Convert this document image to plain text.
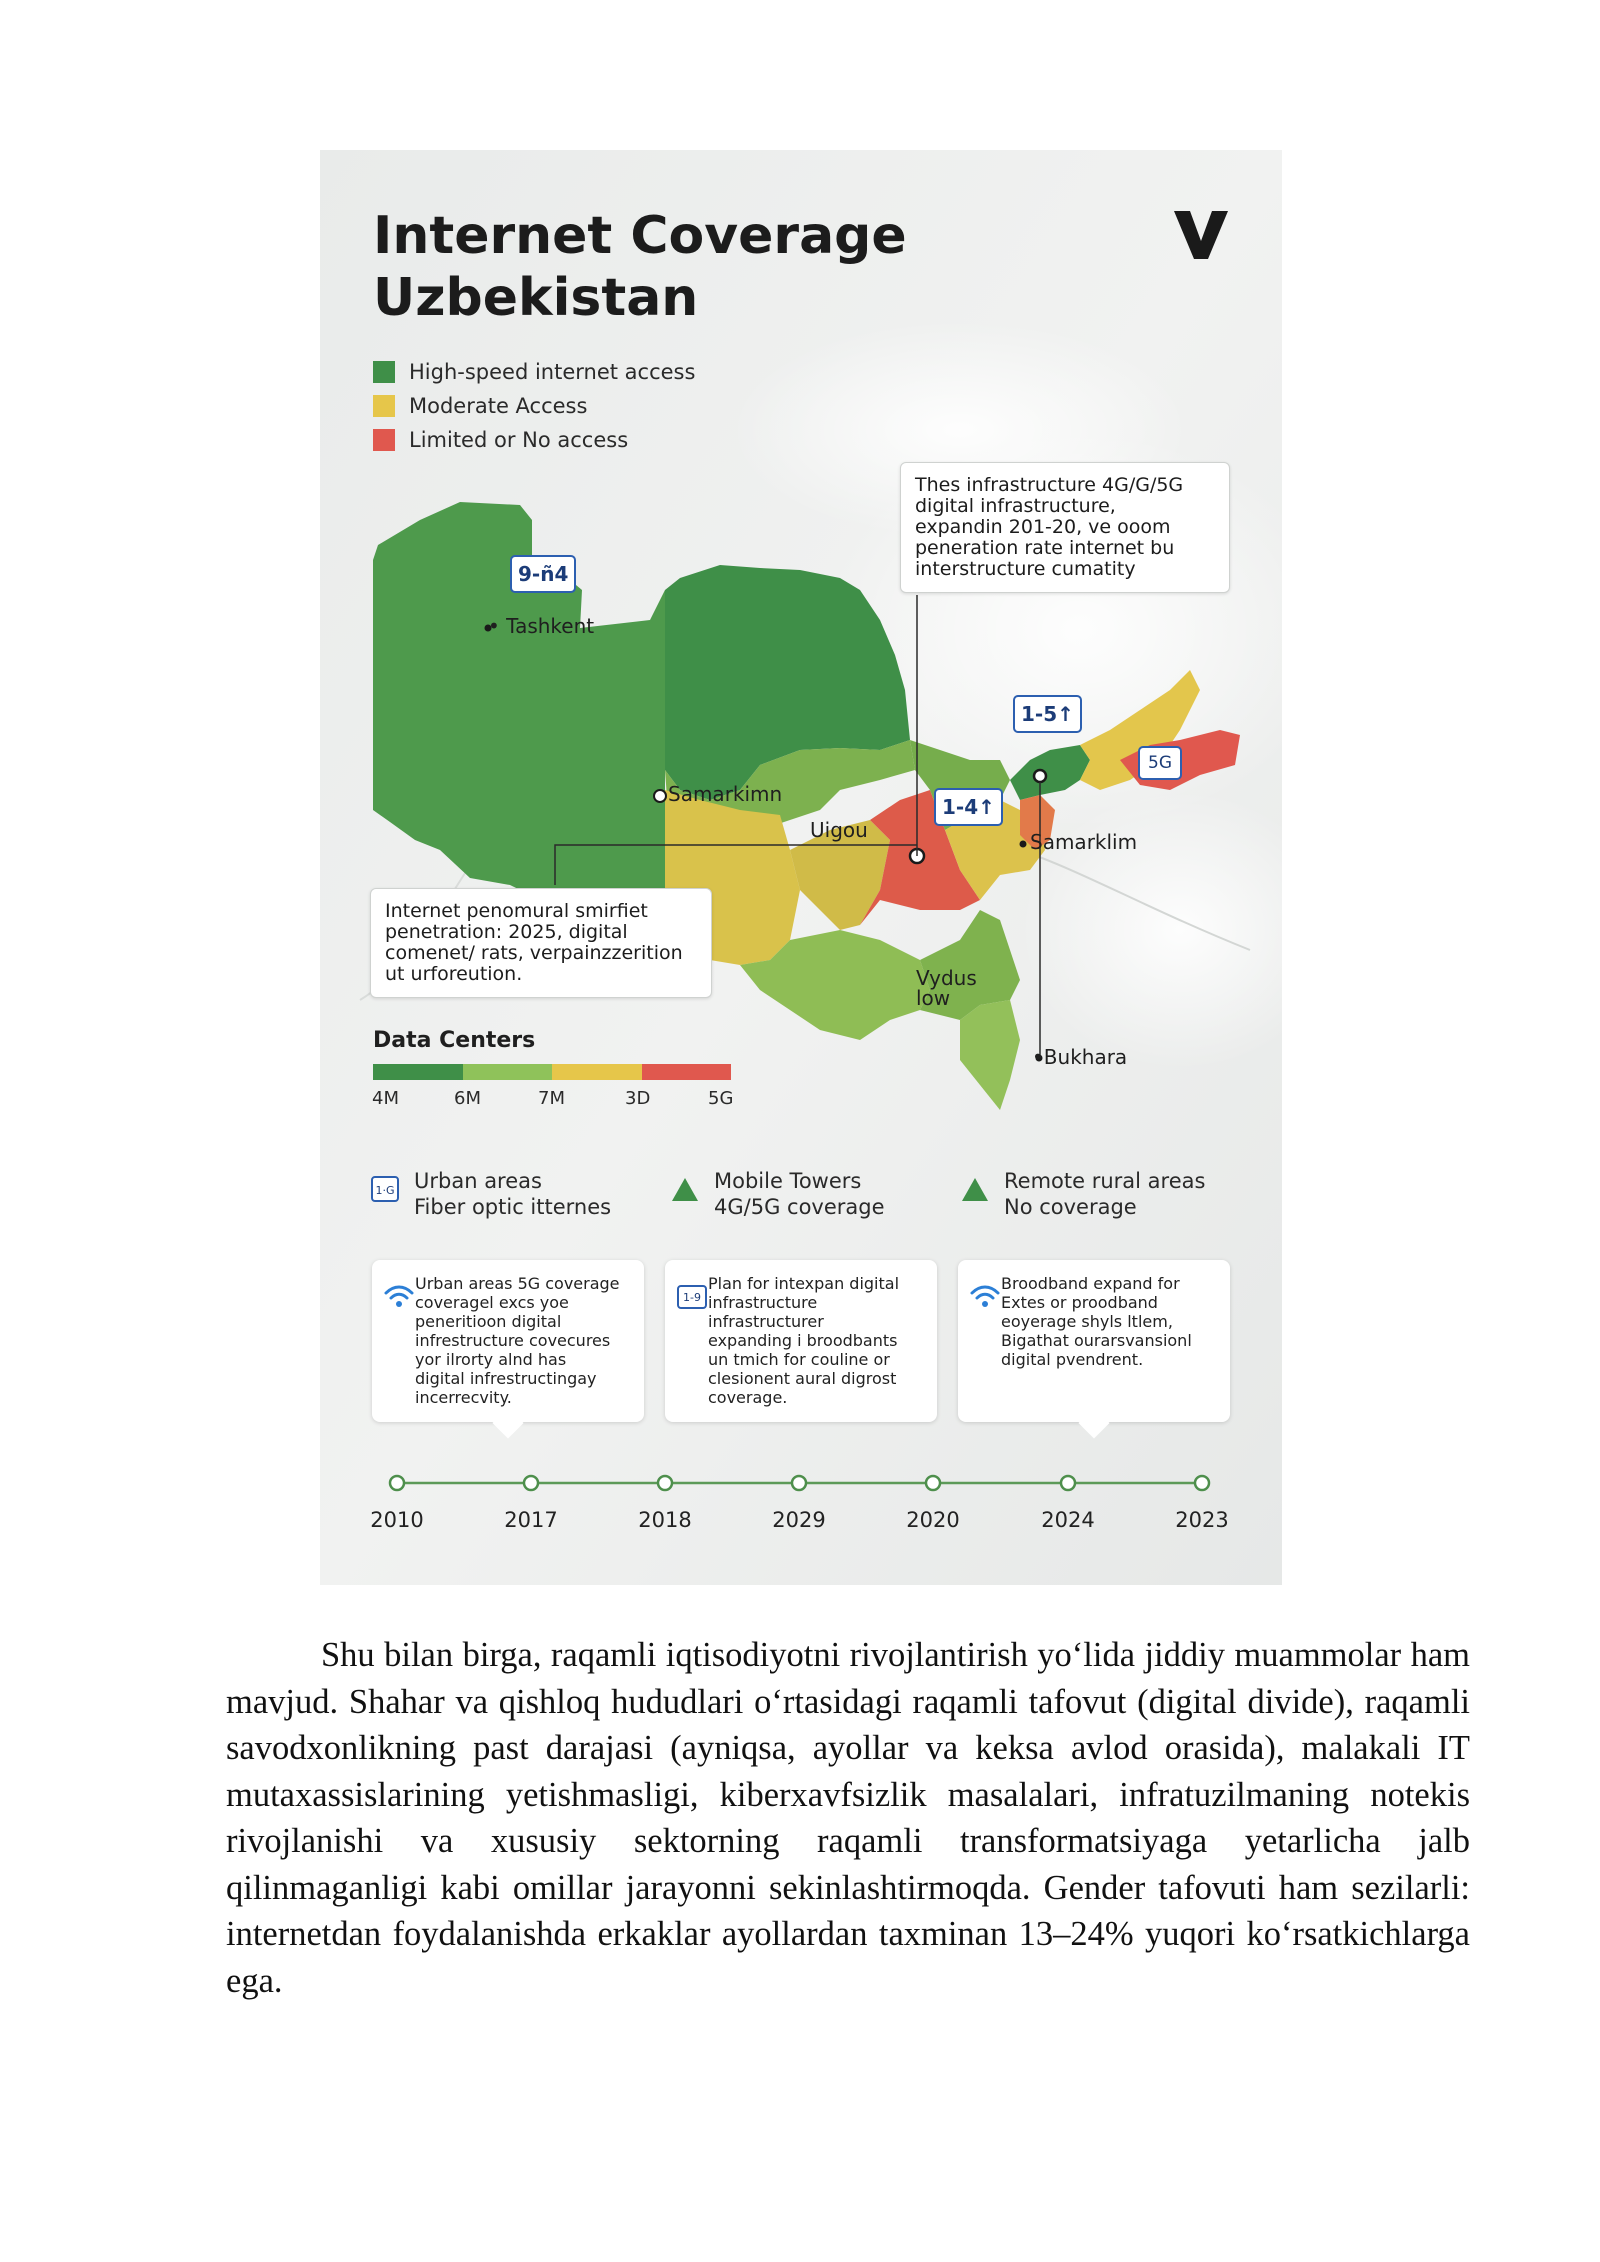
Internet Coverage
Uzbekistan
High-speed internet access
Moderate Access
Limited or No access
• Tashkent
Samarkimn
Uigou	Samarklim
Vydus
low
•Bukhara
9-ñ4
1-5↑
1-4↑
5G
Thes infrastructure 4G/G/5G
digital infrastructure,
expandin 201-20, ve ooom
peneration rate internet bu
interstructure cumatity
Internet penomural smirfiet
penetration: 2025, digital
comenet/ rats, verpainzzerition
ut urforeution.
Data Centers
4M	6M	7M	3D	5G
1·G Urban areas
Fiber optic itternes
Mobile Towers
4G/5G coverage
Remote rural areas
No coverage
Urban areas 5G coverage
coveragel excs yoe
peneritioon digital
infrestructure covecures
yor ilrorty alnd has
digital infrestructingay
incerrecvity.
1-9
Plan for intexpan digital
infrastructure
infrastructurer
expanding i broodbants
un tmich for couline or
clesionent aural digrost
coverage.
Broodband expand for
Extes or proodband
eoyerage shyls ltlem,
Bigathat ourarsvansionl
digital pvendrent.
2010	2017	2018	2029	2020	2024	2023

Shu bilan birga, raqamli iqtisodiyotni rivojlantirish yo‘lida jiddiy muammolar ham mavjud. Shahar va qishloq hududlari o‘rtasidagi raqamli tafovut (digital divide), raqamli savodxonlikning past darajasi (ayniqsa, ayollar va keksa avlod orasida), malakali IT mutaxassislarining yetishmasligi, kiberxavfsizlik masalalari, infratuzilmaning notekis rivojlanishi va xususiy sektorning raqamli transformatsiyaga yetarlicha jalb qilinmaganligi kabi omillar jarayonni sekinlashtirmoqda. Gender tafovuti ham sezilarli: internetdan foydalanishda erkaklar ayollardan taxminan 13–24% yuqori ko‘rsatkichlarga ega.
